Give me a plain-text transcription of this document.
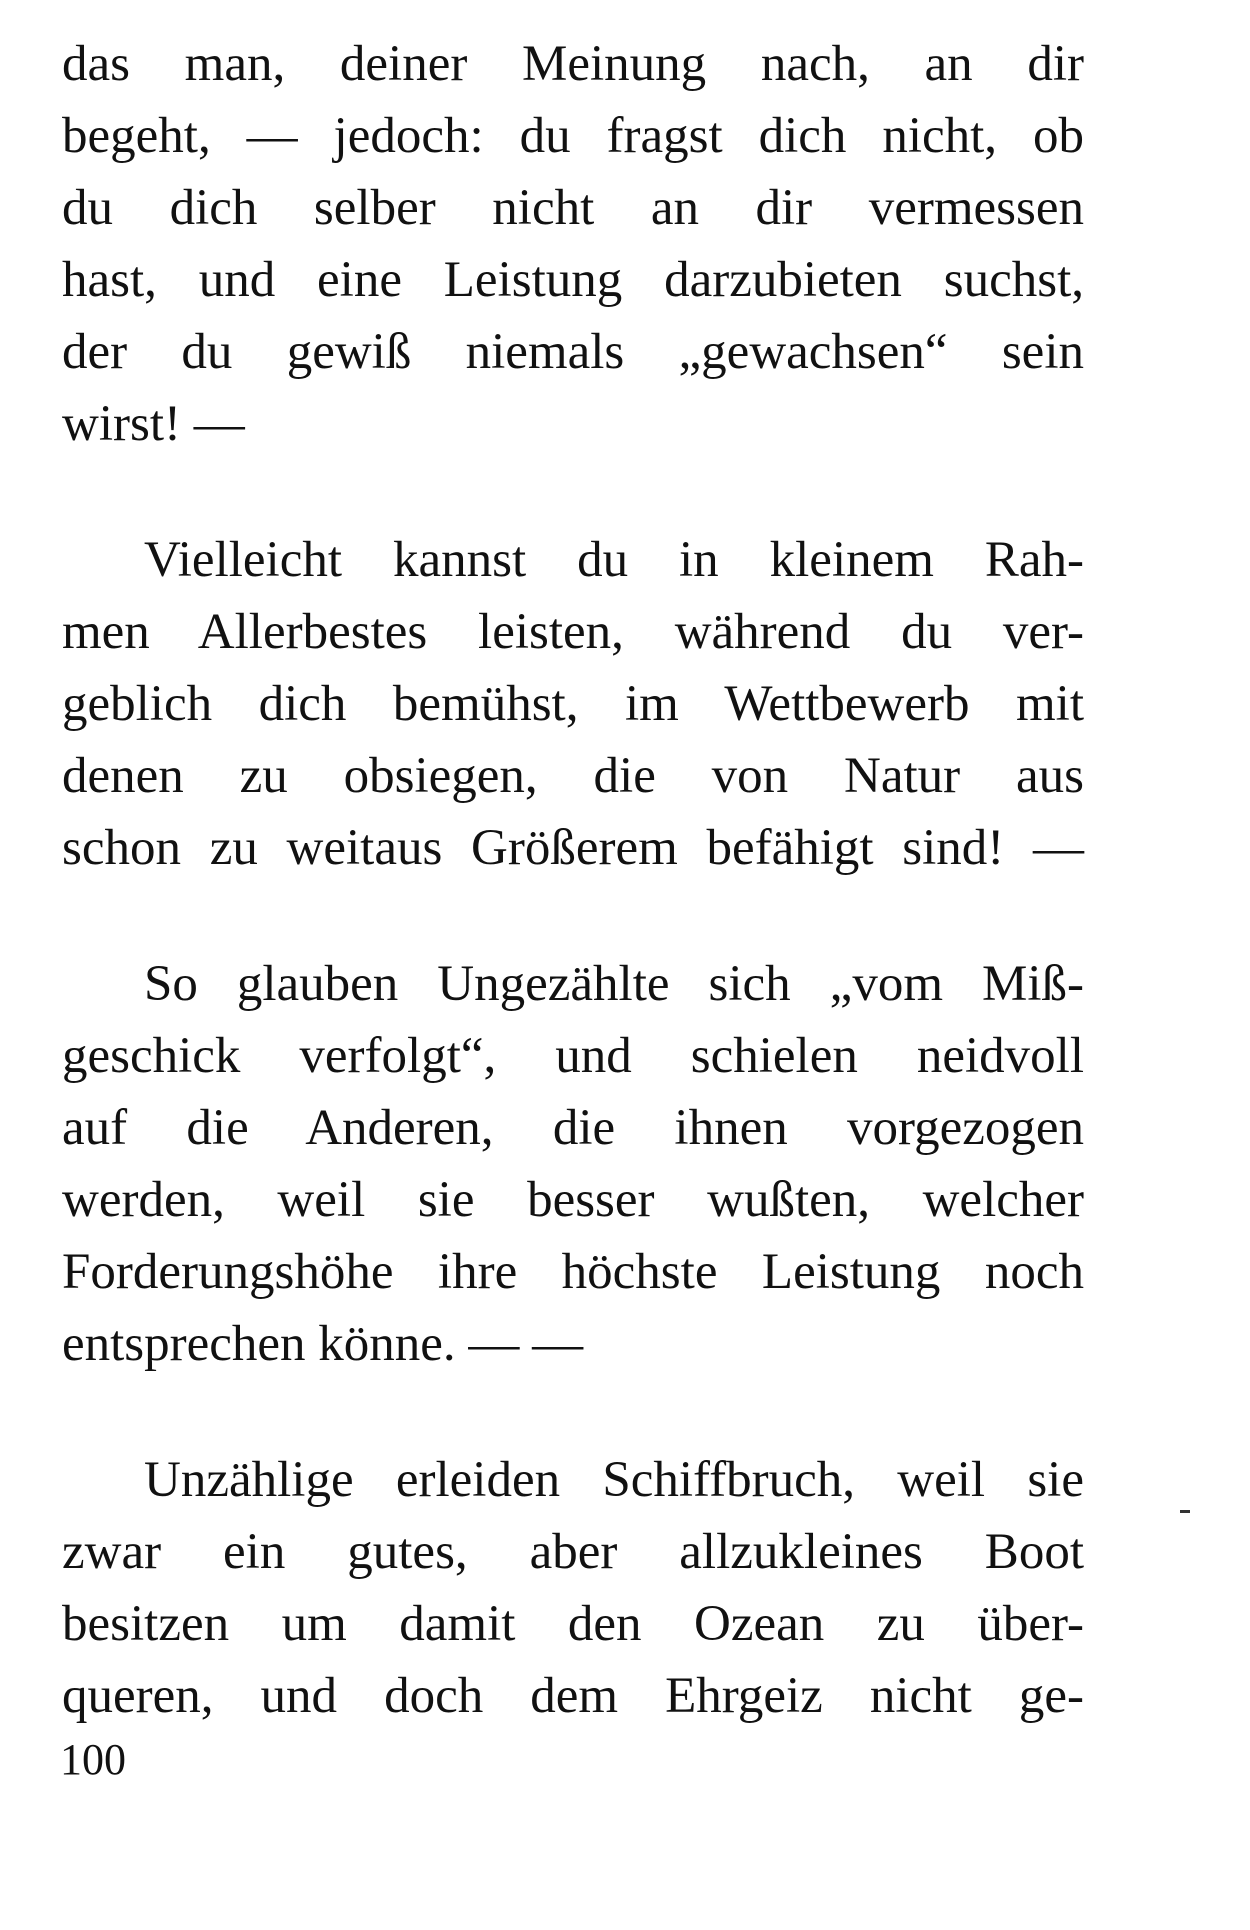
das man, deiner Meinung nach, an dir
begeht, — jedoch: du fragst dich nicht, ob
du dich selber nicht an dir vermessen
hast, und eine Leistung darzubieten suchst,
der du gewiß niemals „gewachsen“ sein
wirst! —
Vielleicht kannst du in kleinem Rah-
men Allerbestes leisten, während du ver-
geblich dich bemühst, im Wettbewerb mit
denen zu obsiegen, die von Natur aus
schon zu weitaus Größerem befähigt sind! —
So glauben Ungezählte sich „vom Miß-
geschick verfolgt“, und schielen neidvoll
auf die Anderen, die ihnen vorgezogen
werden, weil sie besser wußten, welcher
Forderungshöhe ihre höchste Leistung noch
entsprechen könne. — —
Unzählige erleiden Schiffbruch, weil sie
zwar ein gutes, aber allzukleines Boot
besitzen um damit den Ozean zu über-
queren, und doch dem Ehrgeiz nicht ge-
100
